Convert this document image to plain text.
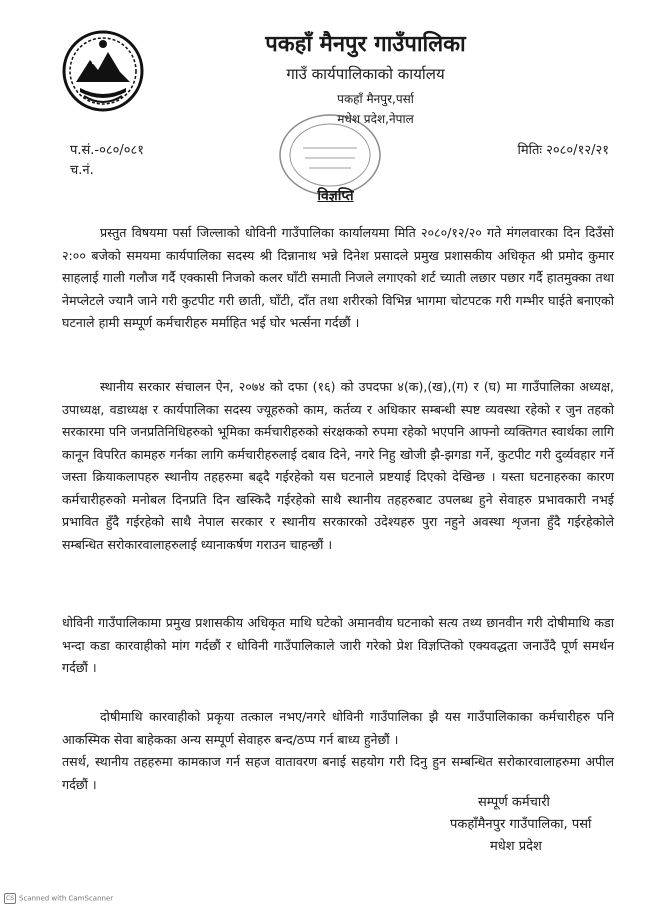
पकहाँ मैनपुर गाउँपालिका
गाउँ कार्यपालिकाको कार्यालय
पकहाँ मैनपुर,पर्सा
मधेश प्रदेश,नेपाल
प.सं.-०८०/०८१
च.नं.
मितिः २०८०/१२/२१
विज्ञप्ति

प्रस्तुत विषयमा पर्सा जिल्लाको धोविनी गाउँपालिका कार्यालयमा मिति २०८०/१२/२० गते मंगलवारका दिन दिउँसो २:०० बजेको समयमा कार्यपालिका सदस्य श्री दिन्नानाथ भन्ने दिनेश प्रसादले प्रमुख प्रशासकीय अधिकृत श्री प्रमोद कुमार साहलाई गाली गलौज गर्दै एक्कासी निजको कलर घाँटी समाती निजले लगाएको शर्ट च्याती लछार पछार गर्दै हातमुक्का तथा नेमप्लेटले ज्यानै जाने गरी कुटपीट गरी छाती, घाँटी, दाँत तथा शरीरको विभिन्न भागमा चोटपटक गरी गम्भीर घाईते बनाएको घटनाले हामी सम्पूर्ण कर्मचारीहरु मर्माहित भई घोर भर्त्सना गर्दछौं ।

स्थानीय सरकार संचालन ऐन, २०७४ को दफा (१६) को उपदफा ४(क),(ख),(ग) र (घ) मा गाउँपालिका अध्यक्ष, उपाध्यक्ष, वडाध्यक्ष र कार्यपालिका सदस्य ज्यूहरुको काम, कर्तव्य र अधिकार सम्बन्धी स्पष्ट व्यवस्था रहेको र जुन तहको सरकारमा पनि जनप्रतिनिधिहरुको भूमिका कर्मचारीहरुको संरक्षकको रुपमा रहेको भएपनि आफ्नो व्यक्तिगत स्वार्थका लागि कानून विपरित कामहरु गर्नका लागि कर्मचारीहरुलाई दबाव दिने, नगरे निहु खोजी झै-झगडा गर्ने, कुटपीट गरी दुर्व्यवहार गर्ने जस्ता क्रियाकलापहरु स्थानीय तहहरुमा बढ्दै गईरहेको यस घटनाले प्रष्टयाई दिएको देखिन्छ । यस्ता घटनाहरुका कारण कर्मचारीहरुको मनोबल दिनप्रति दिन खस्किदै गईरहेको साथै स्थानीय तहहरुबाट उपलब्ध हुने सेवाहरु प्रभावकारी नभई प्रभावित हुँदै गईरहेको साथै नेपाल सरकार र स्थानीय सरकारको उदेश्यहरु पुरा नहुने अवस्था शृजना हुँदै गईरहेकोले सम्बन्धित सरोकारवालाहरुलाई ध्यानाकर्षण गराउन चाहन्छौं ।

धोविनी गाउँपालिकामा प्रमुख प्रशासकीय अधिकृत माथि घटेको अमानवीय घटनाको सत्य तथ्य छानवीन गरी दोषीमाथि कडा भन्दा कडा कारवाहीको मांग गर्दछौं र धोविनी गाउँपालिकाले जारी गरेको प्रेश विज्ञप्तिको एक्यवद्धता जनाउँदै पूर्ण समर्थन गर्दछौं ।

दोषीमाथि कारवाहीको प्रकृया तत्काल नभए/नगरे धोविनी गाउँपालिका झै यस गाउँपालिकाका कर्मचारीहरु पनि आकस्मिक सेवा बाहेकका अन्य सम्पूर्ण सेवाहरु बन्द/ठप्प गर्न बाध्य हुनेछौं ।

तसर्थ, स्थानीय तहहरुमा कामकाज गर्न सहज वातावरण बनाई सहयोग गरी दिनु हुन सम्बन्धित सरोकारवालाहरुमा अपील गर्दछौं ।

सम्पूर्ण कर्मचारी
पकहाँमैनपुर गाउँपालिका, पर्सा
मधेश प्रदेश
CS Scanned with CamScanner
